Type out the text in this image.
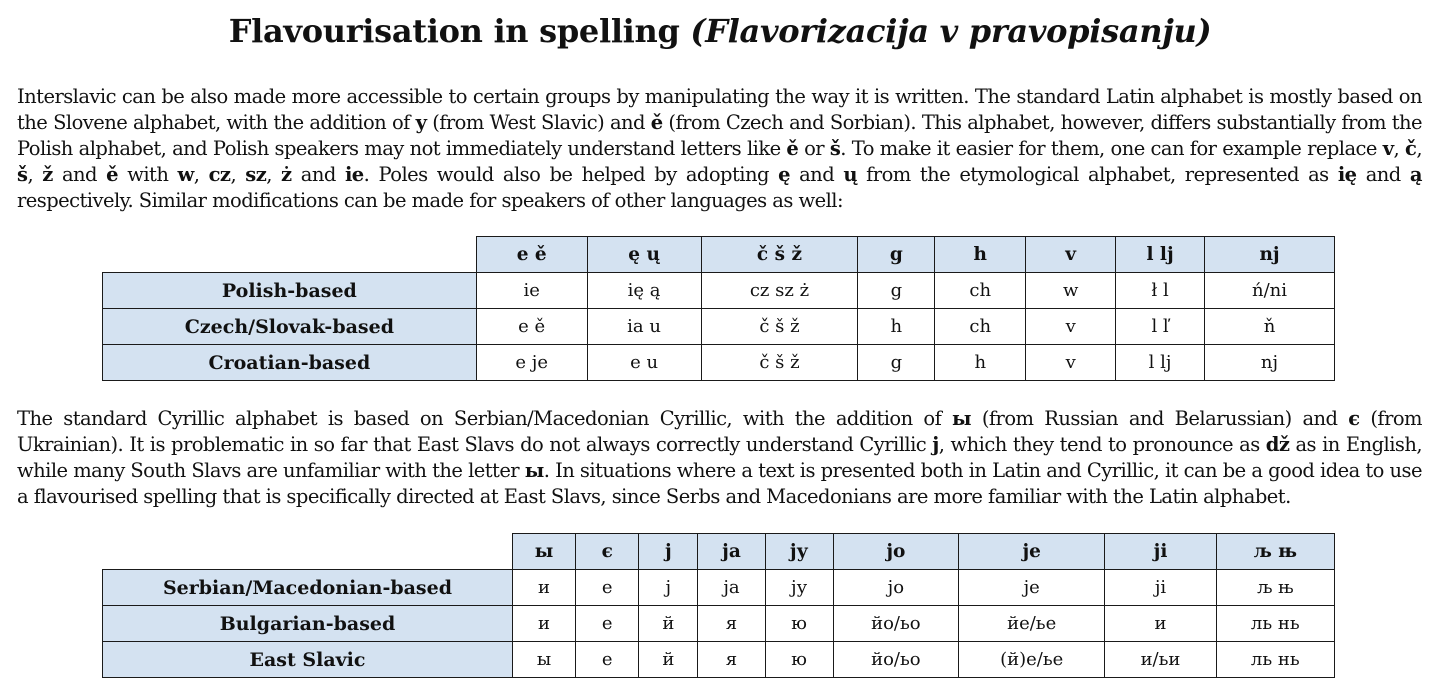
Flavourisation in spelling (Flavorizacija v pravopisanju)

Interslavic can be also made more accessible to certain groups by manipulating the way it is written. The standard Latin alphabet is mostly based on the Slovene alphabet, with the addition of y (from West Slavic) and ě (from Czech and Sorbian). This alphabet, however, differs substantially from the Polish alphabet, and Polish speakers may not immediately understand letters like ě or š. To make it easier for them, one can for example replace v, č, š, ž and ě with w, cz, sz, ż and ie. Poles would also be helped by adopting ę and ų from the etymological alphabet, represented as ię and ą respectively. Similar modifications can be made for speakers of other languages as well:

	e ě	ę ų	č š ž	g	h	v	l lj	nj
Polish-based	ie	ię ą	cz sz ż	g	ch	w	ł l	ń/ni
Czech/Slovak-based	e ě	ia u	č š ž	h	ch	v	l ľ	ň
Croatian-based	e je	e u	č š ž	g	h	v	l lj	nj

The standard Cyrillic alphabet is based on Serbian/Macedonian Cyrillic, with the addition of ы (from Russian and Belarussian) and є (from Ukrainian). It is problematic in so far that East Slavs do not always correctly understand Cyrillic ј, which they tend to pronounce as dž as in English, while many South Slavs are unfamiliar with the letter ы. In situations where a text is presented both in Latin and Cyrillic, it can be a good idea to use a flavourised spelling that is specifically directed at East Slavs, since Serbs and Macedonians are more familiar with the Latin alphabet.

	ы	є	ј	ја	ју	јо	је	јі	љ њ
Serbian/Macedonian-based	и	е	ј	ја	ју	јо	је	јі	љ њ
Bulgarian-based	и	е	й	я	ю	йо/ьо	йе/ье	и	ль нь
East Slavic	ы	е	й	я	ю	йо/ьо	(й)е/ье	и/ьи	ль нь
